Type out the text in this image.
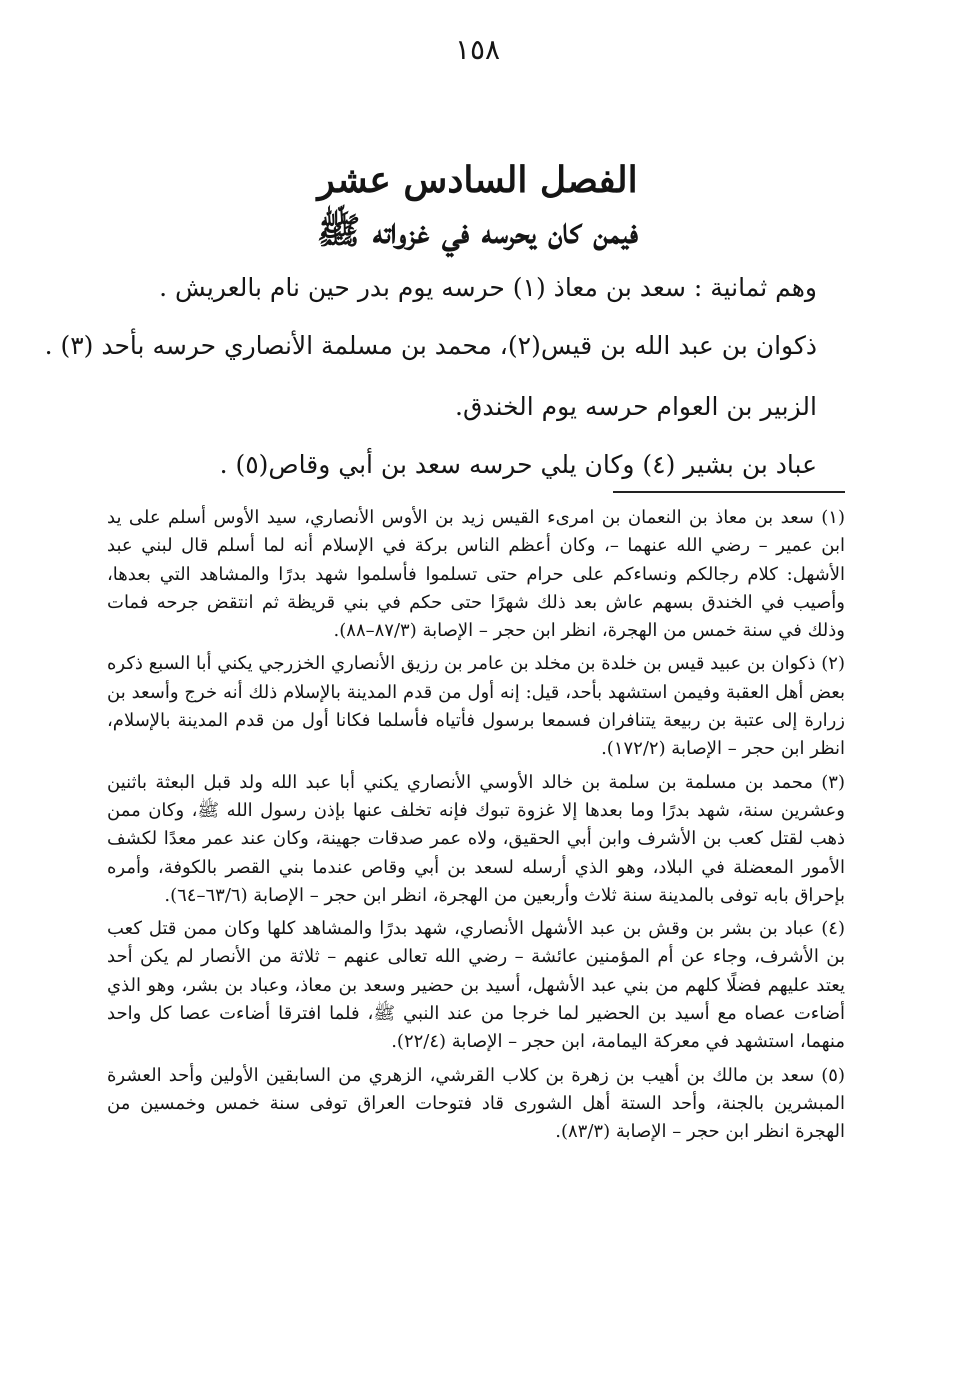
١٥٨
الفصل السادس عشر
فيمن كان يحرسه في غزواته ﷺ
وهم ثمانية : سعد بن معاذ (١) حرسه يوم بدر حين نام بالعريش .
ذكوان بن عبد الله بن قيس(٢)، محمد بن مسلمة الأنصاري حرسه بأحد (٣) .
الزبير بن العوام حرسه يوم الخندق.
عباد بن بشير (٤) وكان يلي حرسه سعد بن أبي وقاص(٥) .

(١) سعد بن معاذ بن النعمان بن امرىء القيس زيد بن الأوس الأنصاري، سيد الأوس أسلم على يد ابن عمير – رضي الله عنهما –، وكان أعظم الناس بركة في الإسلام أنه لما أسلم قال لبني عبد الأشهل: كلام رجالكم ونساءكم على حرام حتى تسلموا فأسلموا شهد بدرًا والمشاهد التي بعدها، وأصيب في الخندق بسهم عاش بعد ذلك شهرًا حتى حكم في بني قريظة ثم انتقض جرحه فمات وذلك في سنة خمس من الهجرة، انظر ابن حجر – الإصابة (٨٧/٣–٨٨).

(٢) ذكوان بن عبيد قيس بن خلدة بن مخلد بن عامر بن رزيق الأنصاري الخزرجي يكني أبا السبع ذكره بعض أهل العقبة وفيمن استشهد بأحد، قيل: إنه أول من قدم المدينة بالإسلام ذلك أنه خرج وأسعد بن زرارة إلى عتبة بن ربيعة يتنافران فسمعا برسول فأتياه فأسلما فكانا أول من قدم المدينة بالإسلام، انظر ابن حجر – الإصابة (١٧٢/٢).

(٣) محمد بن مسلمة بن سلمة بن خالد الأوسي الأنصاري يكني أبا عبد الله ولد قبل البعثة باثنين وعشرين سنة، شهد بدرًا وما بعدها إلا غزوة تبوك فإنه تخلف عنها بإذن رسول الله ﷺ، وكان ممن ذهب لقتل كعب بن الأشرف وابن أبي الحقيق، ولاه عمر صدقات جهينة، وكان عند عمر معدًا لكشف الأمور المعضلة في البلاد، وهو الذي أرسله لسعد بن أبي وقاص عندما بني القصر بالكوفة، وأمره بإحراق بابه توفى بالمدينة سنة ثلاث وأربعين من الهجرة، انظر ابن حجر – الإصابة (٦٣/٦–٦٤).

(٤) عباد بن بشر بن وقش بن عبد الأشهل الأنصاري، شهد بدرًا والمشاهد كلها وكان ممن قتل كعب بن الأشرف، وجاء عن أم المؤمنين عائشة – رضي الله تعالى عنهم – ثلاثة من الأنصار لم يكن أحد يعتد عليهم فضلًا كلهم من بني عبد الأشهل، أسيد بن حضير وسعد بن معاذ، وعباد بن بشر، وهو الذي أضاءت عصاه مع أسيد بن الحضير لما خرجا من عند النبي ﷺ، فلما افترقا أضاءت عصا كل واحد منهما، استشهد في معركة اليمامة، ابن حجر – الإصابة (٢٢/٤).

(٥) سعد بن مالك بن أهيب بن زهرة بن كلاب القرشي، الزهري من السابقين الأولين وأحد العشرة المبشرين بالجنة، وأحد الستة أهل الشورى قاد فتوحات العراق توفى سنة خمس وخمسين من الهجرة انظر ابن حجر – الإصابة (٨٣/٣).
